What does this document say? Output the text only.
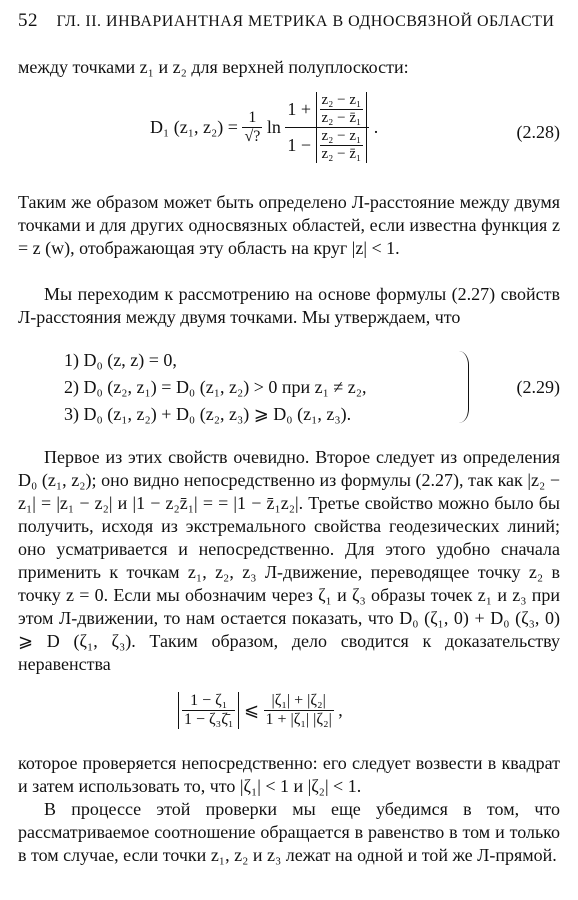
52 ГЛ. II. ИНВАРИАНТНАЯ МЕТРИКА В ОДНОСВЯЗНОЙ ОБЛАСТИ
между точками z₁ и z₂ для верхней полуплоскости:
D₁ (z₁, $z_2) = \frac{1}{√?}$ ln
$1 + \frac{\text{z₂ − z₁}}{\text{z₂ − z̄₁}}$
$1 - \frac{\text{z₂ − z₁}}{\text{z₂ − z̄₁}}$
.	(2.28)
Таким же образом может быть определено Л-расстояние между двумя точками и для других односвязных областей, если известна функция z = z (w), отображающая эту область на круг |z| < 1.
Мы переходим к рассмотрению на основе формулы (2.27) свойств Л-расстояния между двумя точками. Мы утверждаем, что
1) D₀ (z, z) = 0,
2) D₀ (z₂, z₁) = D₀ (z₁, z₂) > 0 при z₁ ≠ z₂,
3) D₀ (z₁, z₂) + D₀ (z₂, z₃) ⩾ D₀ (z₁, z₃).
(2.29)
Первое из этих свойств очевидно. Второе следует из определения D₀ (z₁, z₂); оно видно непосредственно из формулы (2.27), так как |z₂ − z₁| = |z₁ − z₂| и |1 − z₂z̄₁| = = |1 − z̄₁z₂|. Третье свойство можно было бы получить, исходя из экстремального свойства геодезических линий; оно усматривается и непосредственно. Для этого удобно сначала применить к точкам z₁, z₂, z₃ Л-движение, переводящее точку z₂ в точку z = 0. Если мы обозначим через ζ₁ и ζ₃ образы точек z₁ и z₃ при этом Л-движении, то нам остается показать, что D₀ (ζ₁, 0) + D₀ (ζ₃, 0) ⩾ D (ζ₁, ζ₃). Таким образом, дело сводится к доказательству неравенства
$\frac{\text{1 − ζ₁}}{\text{1 − ζ₃ζ̄₁}}$ ⩽ $\frac{\text{|ζ₁| + |ζ₂|}}{\text{1 + |ζ₁| |ζ₂|}}$ ,
которое проверяется непосредственно: его следует возвести в квадрат и затем использовать то, что |ζ₁| < 1 и |ζ₂| < 1.
В процессе этой проверки мы еще убедимся в том, что рассматриваемое соотношение обращается в равенство в том и только в том случае, если точки z₁, z₂ и z₃ лежат на одной и той же Л-прямой.
